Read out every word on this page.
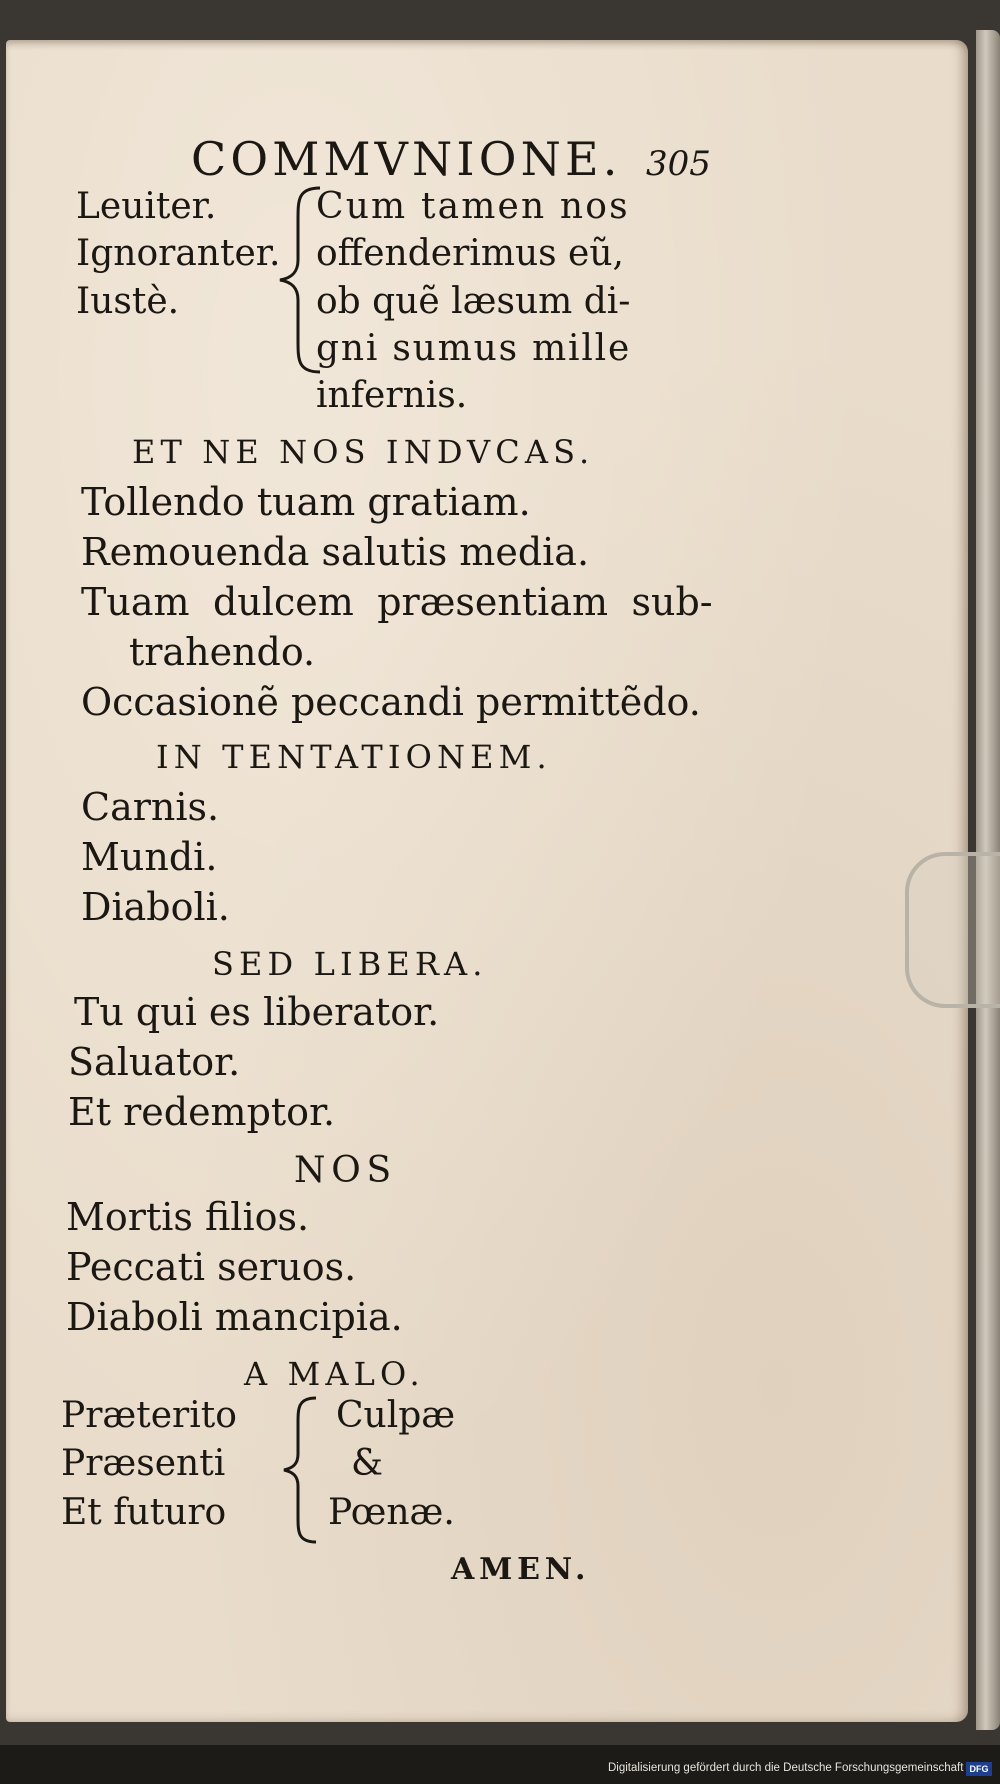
COMMVNIONE. 305
Leuiter.
Ignoranter.
Iustè.
Cum tamen nos
offenderimus eũ,
ob quẽ læsum di-
gni sumus mille
infernis.
ET NE NOS INDVCAS.
Tollendo tuam gratiam.
Remouenda salutis media.
Tuam dulcem præsentiam sub-
trahendo.
Occasionẽ peccandi permittẽdo.
IN TENTATIONEM.
Carnis.
Mundi.
Diaboli.
SED LIBERA.
Tu qui es liberator.
Saluator.
Et redemptor.
NOS
Mortis filios.
Peccati seruos.
Diaboli mancipia.
A MALO.
Præterito
Præsenti
Et futuro
Culpæ
&
Pœnæ.
AMEN.
Digitalisierung gefördert durch die Deutsche Forschungsgemeinschaft DFG
